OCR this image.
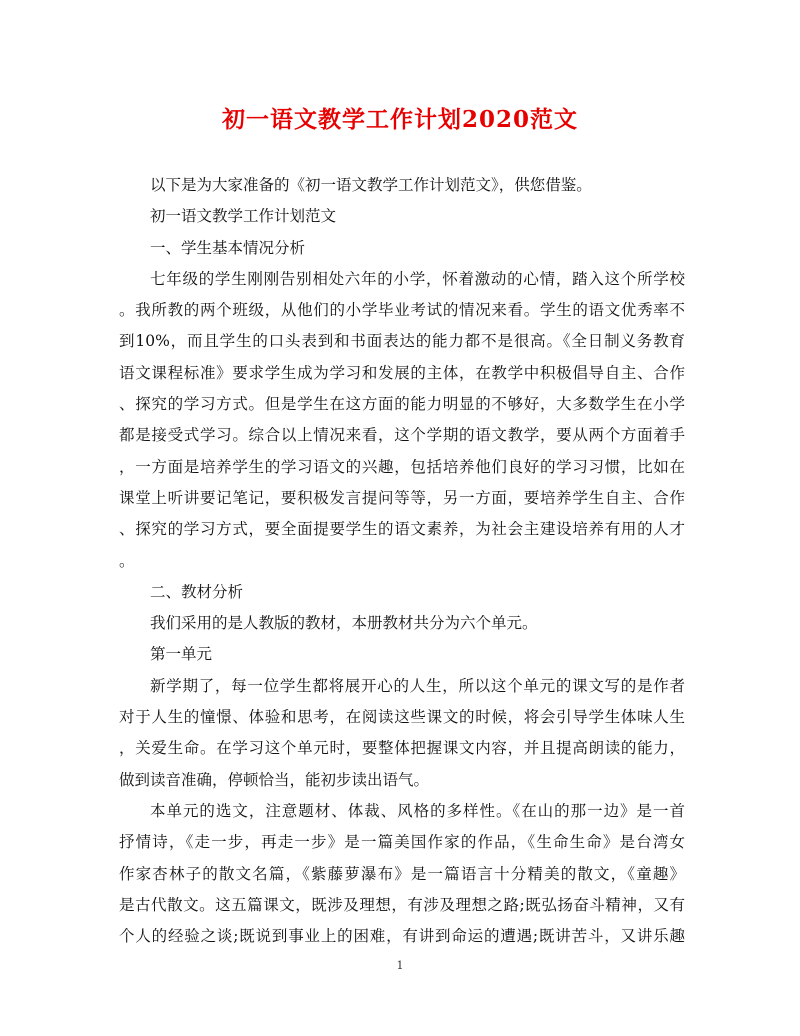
初一语文教学工作计划2020范文
以下是为大家准备的《初一语文教学工作计划范文》，供您借鉴。
初一语文教学工作计划范文
一、学生基本情况分析
七年级的学生刚刚告别相处六年的小学，怀着激动的心情，踏入这个所学校
。我所教的两个班级，从他们的小学毕业考试的情况来看。学生的语文优秀率不
到10%，而且学生的口头表到和书面表达的能力都不是很高。《全日制义务教育
语文课程标准》要求学生成为学习和发展的主体，在教学中积极倡导自主、合作
、探究的学习方式。但是学生在这方面的能力明显的不够好，大多数学生在小学
都是接受式学习。综合以上情况来看，这个学期的语文教学，要从两个方面着手
，一方面是培养学生的学习语文的兴趣，包括培养他们良好的学习习惯，比如在
课堂上听讲要记笔记，要积极发言提问等等，另一方面，要培养学生自主、合作
、探究的学习方式，要全面提要学生的语文素养，为社会主建设培养有用的人才
。
二、教材分析
我们采用的是人教版的教材，本册教材共分为六个单元。
第一单元
新学期了，每一位学生都将展开心的人生，所以这个单元的课文写的是作者
对于人生的憧憬、体验和思考，在阅读这些课文的时候，将会引导学生体味人生
，关爱生命。在学习这个单元时，要整体把握课文内容，并且提高朗读的能力，
做到读音准确，停顿恰当，能初步读出语气。
本单元的选文，注意题材、体裁、风格的多样性。《在山的那一边》是一首
抒情诗，《走一步，再走一步》是一篇美国作家的作品，《生命生命》是台湾女
作家杏林子的散文名篇，《紫藤萝瀑布》是一篇语言十分精美的散文，《童趣》
是古代散文。这五篇课文，既涉及理想，有涉及理想之路;既弘扬奋斗精神，又有
个人的经验之谈;既说到事业上的困难，有讲到命运的遭遇;既讲苦斗，又讲乐趣
1
